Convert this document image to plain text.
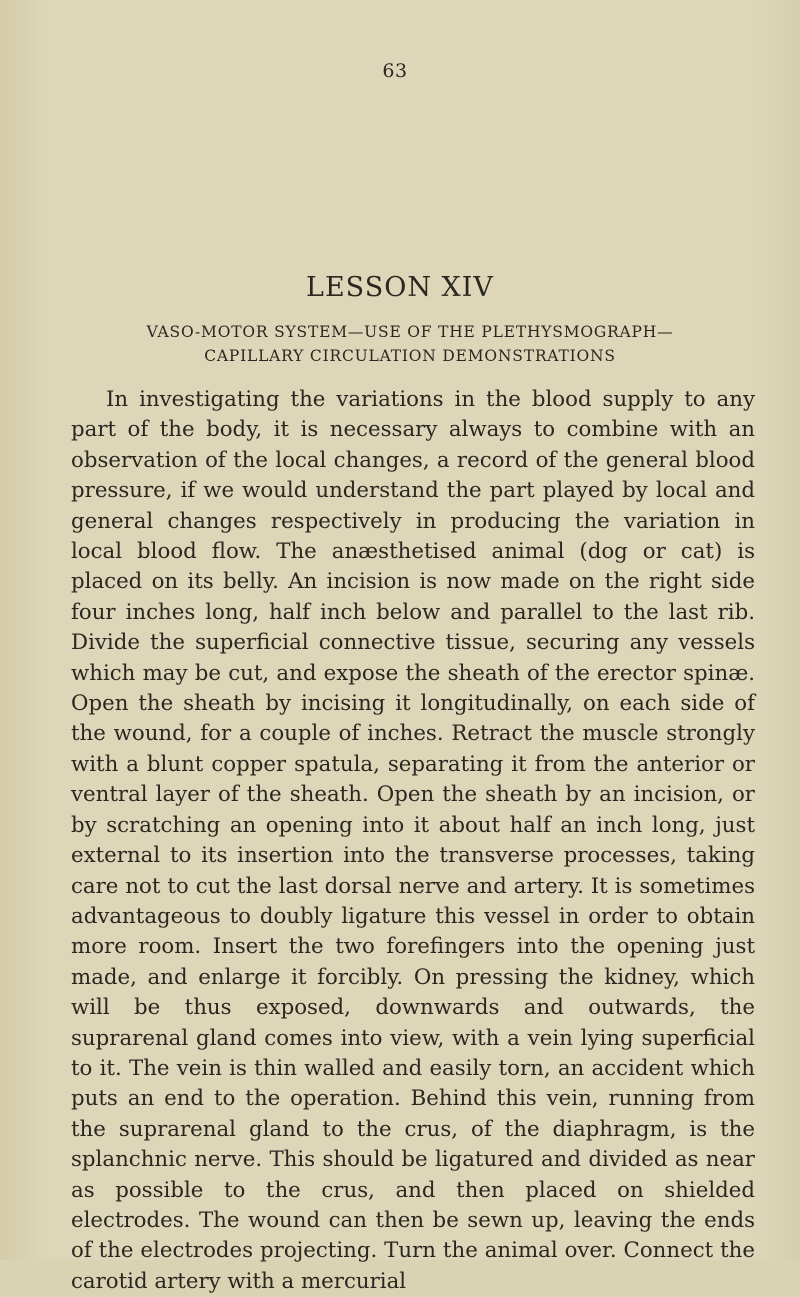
63
LESSON XIV
VASO-MOTOR SYSTEM—USE OF THE PLETHYSMOGRAPH—
CAPILLARY CIRCULATION DEMONSTRATIONS

In investigating the variations in the blood supply to any part of the body, it is necessary always to combine with an observation of the local changes, a record of the general blood pressure, if we would understand the part played by local and general changes respectively in producing the variation in local blood flow. The anæsthetised animal (dog or cat) is placed on its belly. An incision is now made on the right side four inches long, half inch below and parallel to the last rib. Divide the superficial connective tissue, securing any vessels which may be cut, and expose the sheath of the erector spinæ. Open the sheath by incising it longitudinally, on each side of the wound, for a couple of inches. Retract the muscle strongly with a blunt copper spatula, separating it from the anterior or ventral layer of the sheath. Open the sheath by an incision, or by scratching an opening into it about half an inch long, just external to its insertion into the transverse processes, taking care not to cut the last dorsal nerve and artery. It is sometimes advantageous to doubly ligature this vessel in order to obtain more room. Insert the two forefingers into the opening just made, and enlarge it forcibly. On pressing the kidney, which will be thus exposed, downwards and outwards, the suprarenal gland comes into view, with a vein lying superficial to it. The vein is thin walled and easily torn, an accident which puts an end to the operation. Behind this vein, running from the suprarenal gland to the crus, of the diaphragm, is the splanchnic nerve. This should be ligatured and divided as near as possible to the crus, and then placed on shielded electrodes. The wound can then be sewn up, leaving the ends of the electrodes projecting. Turn the animal over. Connect the carotid artery with a mercurial
